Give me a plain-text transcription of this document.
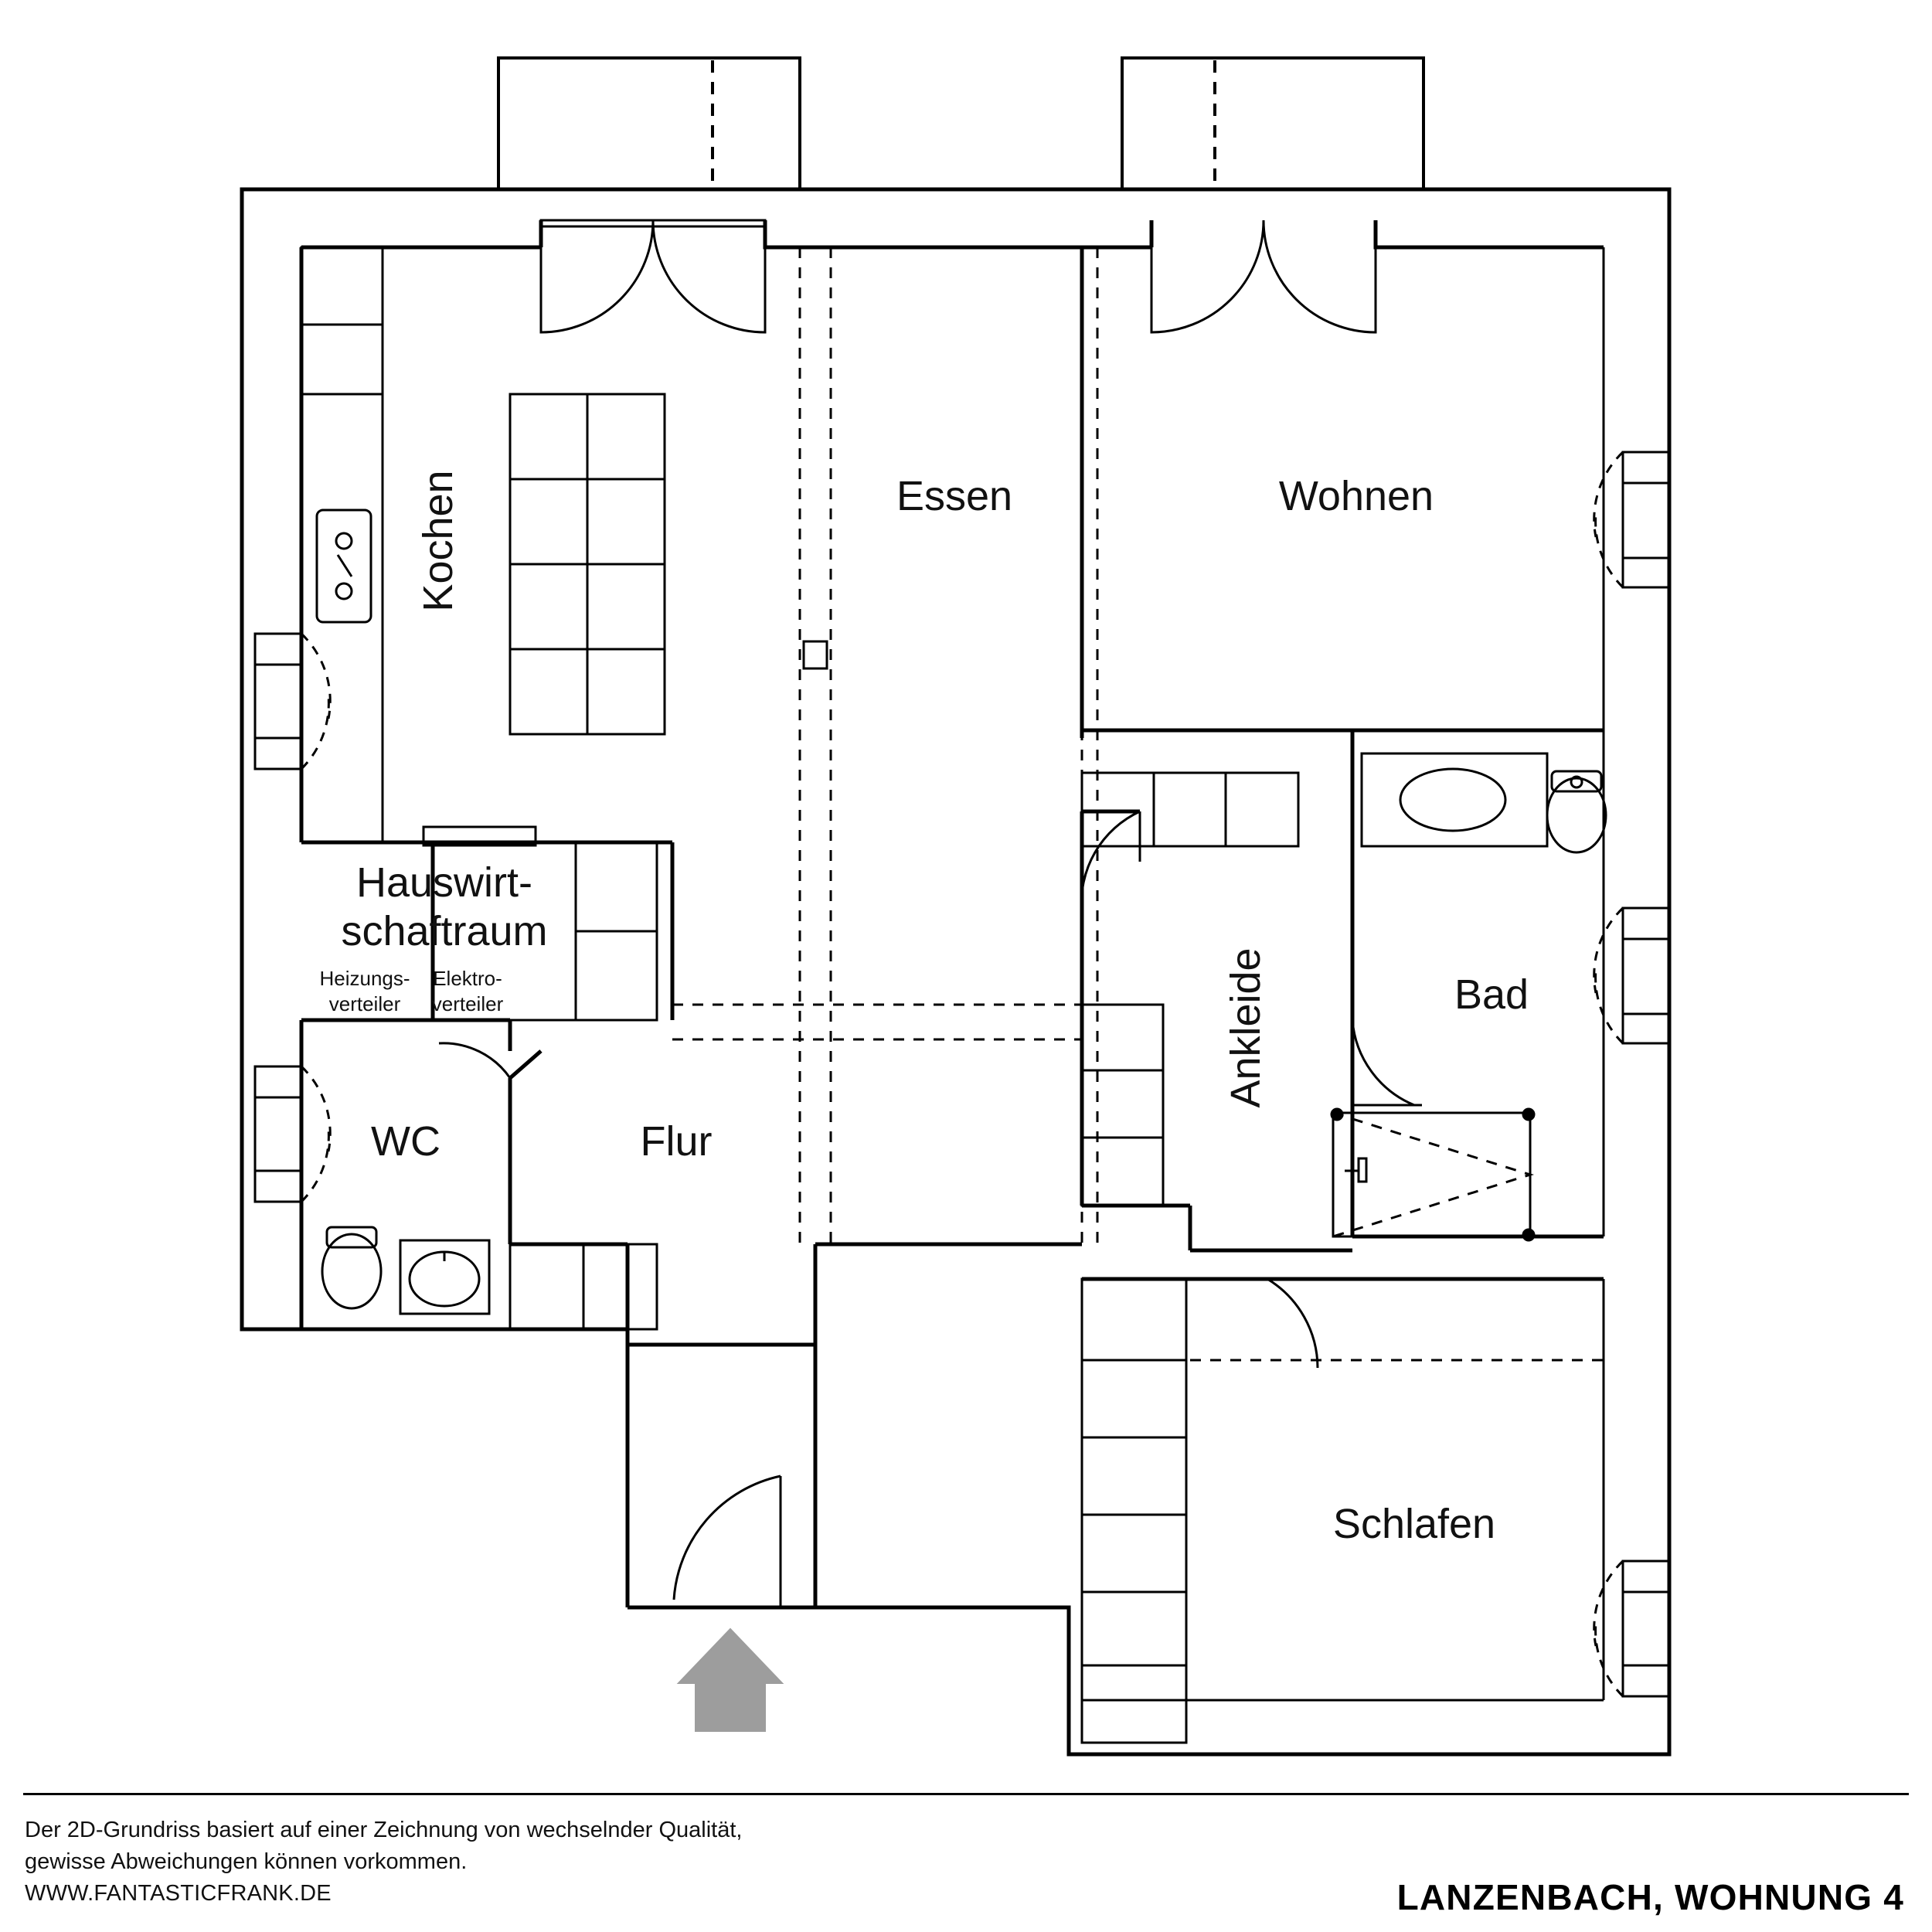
Kochen	Essen	Wohnen
Hauswirt-
schaftraum
Heizungs-
verteiler
Elektro-
verteiler
WC	Flur
Ankleide	Bad
Schlafen
Der 2D-Grundriss basiert auf einer Zeichnung von wechselnder Qualität,
gewisse Abweichungen können vorkommen.
WWW.FANTASTICFRANK.DE	LANZENBACH, WOHNUNG 4
